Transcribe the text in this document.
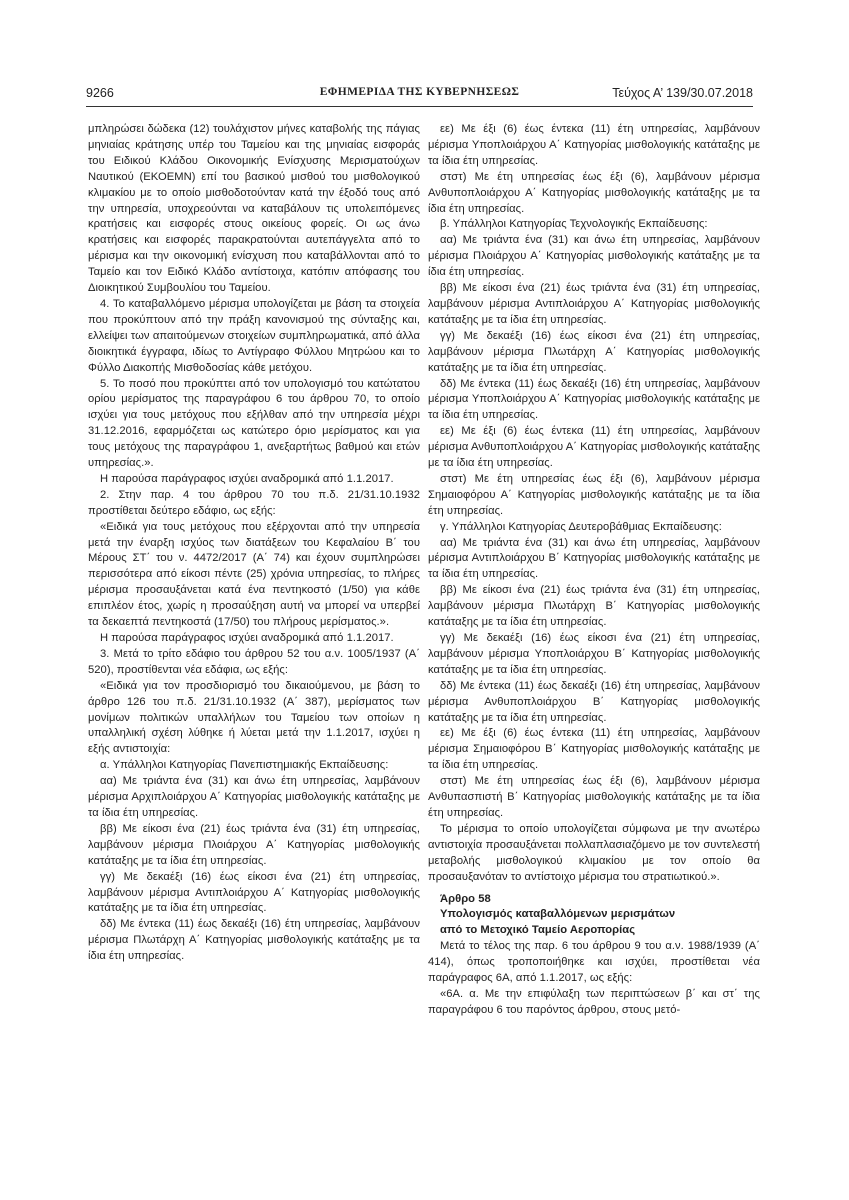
9266	ΕΦΗΜΕΡΙΔΑ ΤΗΣ ΚΥΒΕΡΝΗΣΕΩΣ	Τεύχος Α’ 139/30.07.2018

μπληρώσει δώδεκα (12) τουλάχιστον μήνες καταβολής της πάγιας μηνιαίας κράτησης υπέρ του Ταμείου και της μηνιαίας εισφοράς του Ειδικού Κλάδου Οικονομικής Ενίσχυσης Μερισματούχων Ναυτικού (ΕΚΟΕΜΝ) επί του βασικού μισθού του μισθολογικού κλιμακίου με το οποίο μισθοδοτούνταν κατά την έξοδό τους από την υπηρεσία, υποχρεούνται να καταβάλουν τις υπολειπόμενες κρατήσεις και εισφορές στους οικείους φορείς. Οι ως άνω κρατήσεις και εισφορές παρακρατούνται αυτεπάγγελτα από το μέρισμα και την οικονομική ενίσχυση που καταβάλλονται από το Ταμείο και τον Ειδικό Κλάδο αντίστοιχα, κατόπιν απόφασης του Διοικητικού Συμβουλίου του Ταμείου.

4. Το καταβαλλόμενο μέρισμα υπολογίζεται με βάση τα στοιχεία που προκύπτουν από την πράξη κανονισμού της σύνταξης και, ελλείψει των απαιτούμενων στοιχείων συμπληρωματικά, από άλλα διοικητικά έγγραφα, ιδίως το Αντίγραφο Φύλλου Μητρώου και το Φύλλο Διακοπής Μισθοδοσίας κάθε μετόχου.

5. Το ποσό που προκύπτει από τον υπολογισμό του κατώτατου ορίου μερίσματος της παραγράφου 6 του άρθρου 70, το οποίο ισχύει για τους μετόχους που εξήλθαν από την υπηρεσία μέχρι 31.12.2016, εφαρμόζεται ως κατώτερο όριο μερίσματος και για τους μετόχους της παραγράφου 1, ανεξαρτήτως βαθμού και ετών υπηρεσίας.».

Η παρούσα παράγραφος ισχύει αναδρομικά από 1.1.2017.

2. Στην παρ. 4 του άρθρου 70 του π.δ. 21/31.10.1932 προστίθεται δεύτερο εδάφιο, ως εξής:

«Ειδικά για τους μετόχους που εξέρχονται από την υπηρεσία μετά την έναρξη ισχύος των διατάξεων του Κεφαλαίου Β΄ του Μέρους ΣΤ΄ του ν. 4472/2017 (Α΄ 74) και έχουν συμπληρώσει περισσότερα από είκοσι πέντε (25) χρόνια υπηρεσίας, το πλήρες μέρισμα προσαυξάνεται κατά ένα πεντηκοστό (1/50) για κάθε επιπλέον έτος, χωρίς η προσαύξηση αυτή να μπορεί να υπερβεί τα δεκαεπτά πεντηκοστά (17/50) του πλήρους μερίσματος.».

Η παρούσα παράγραφος ισχύει αναδρομικά από 1.1.2017.

3. Μετά το τρίτο εδάφιο του άρθρου 52 του α.ν. 1005/1937 (Α΄ 520), προστίθενται νέα εδάφια, ως εξής:

«Ειδικά για τον προσδιορισμό του δικαιούμενου, με βάση το άρθρο 126 του π.δ. 21/31.10.1932 (Α΄ 387), μερίσματος των μονίμων πολιτικών υπαλλήλων του Ταμείου των οποίων η υπαλληλική σχέση λύθηκε ή λύεται μετά την 1.1.2017, ισχύει η εξής αντιστοιχία:

α. Υπάλληλοι Κατηγορίας Πανεπιστημιακής Εκπαίδευσης:

αα) Με τριάντα ένα (31) και άνω έτη υπηρεσίας, λαμβάνουν μέρισμα Αρχιπλοιάρχου Α΄ Κατηγορίας μισθολογικής κατάταξης με τα ίδια έτη υπηρεσίας.

ββ) Με είκοσι ένα (21) έως τριάντα ένα (31) έτη υπηρεσίας, λαμβάνουν μέρισμα Πλοιάρχου Α΄ Κατηγορίας μισθολογικής κατάταξης με τα ίδια έτη υπηρεσίας.

γγ) Με δεκαέξι (16) έως είκοσι ένα (21) έτη υπηρεσίας, λαμβάνουν μέρισμα Αντιπλοιάρχου Α΄ Κατηγορίας μισθολογικής κατάταξης με τα ίδια έτη υπηρεσίας.

δδ) Με έντεκα (11) έως δεκαέξι (16) έτη υπηρεσίας, λαμβάνουν μέρισμα Πλωτάρχη Α΄ Κατηγορίας μισθολογικής κατάταξης με τα ίδια έτη υπηρεσίας.

εε) Με έξι (6) έως έντεκα (11) έτη υπηρεσίας, λαμβάνουν μέρισμα Υποπλοιάρχου Α΄ Κατηγορίας μισθολογικής κατάταξης με τα ίδια έτη υπηρεσίας.

στστ) Με έτη υπηρεσίας έως έξι (6), λαμβάνουν μέρισμα Ανθυποπλοιάρχου Α΄ Κατηγορίας μισθολογικής κατάταξης με τα ίδια έτη υπηρεσίας.

β. Υπάλληλοι Κατηγορίας Τεχνολογικής Εκπαίδευσης:

αα) Με τριάντα ένα (31) και άνω έτη υπηρεσίας, λαμβάνουν μέρισμα Πλοιάρχου Α΄ Κατηγορίας μισθολογικής κατάταξης με τα ίδια έτη υπηρεσίας.

ββ) Με είκοσι ένα (21) έως τριάντα ένα (31) έτη υπηρεσίας, λαμβάνουν μέρισμα Αντιπλοιάρχου Α΄ Κατηγορίας μισθολογικής κατάταξης με τα ίδια έτη υπηρεσίας.

γγ) Με δεκαέξι (16) έως είκοσι ένα (21) έτη υπηρεσίας, λαμβάνουν μέρισμα Πλωτάρχη Α΄ Κατηγορίας μισθολογικής κατάταξης με τα ίδια έτη υπηρεσίας.

δδ) Με έντεκα (11) έως δεκαέξι (16) έτη υπηρεσίας, λαμβάνουν μέρισμα Υποπλοιάρχου Α΄ Κατηγορίας μισθολογικής κατάταξης με τα ίδια έτη υπηρεσίας.

εε) Με έξι (6) έως έντεκα (11) έτη υπηρεσίας, λαμβάνουν μέρισμα Ανθυποπλοιάρχου Α΄ Κατηγορίας μισθολογικής κατάταξης με τα ίδια έτη υπηρεσίας.

στστ) Με έτη υπηρεσίας έως έξι (6), λαμβάνουν μέρισμα Σημαιοφόρου Α΄ Κατηγορίας μισθολογικής κατάταξης με τα ίδια έτη υπηρεσίας.

γ. Υπάλληλοι Κατηγορίας Δευτεροβάθμιας Εκπαίδευσης:

αα) Με τριάντα ένα (31) και άνω έτη υπηρεσίας, λαμβάνουν μέρισμα Αντιπλοιάρχου Β΄ Κατηγορίας μισθολογικής κατάταξης με τα ίδια έτη υπηρεσίας.

ββ) Με είκοσι ένα (21) έως τριάντα ένα (31) έτη υπηρεσίας, λαμβάνουν μέρισμα Πλωτάρχη Β΄ Κατηγορίας μισθολογικής κατάταξης με τα ίδια έτη υπηρεσίας.

γγ) Με δεκαέξι (16) έως είκοσι ένα (21) έτη υπηρεσίας, λαμβάνουν μέρισμα Υποπλοιάρχου Β΄ Κατηγορίας μισθολογικής κατάταξης με τα ίδια έτη υπηρεσίας.

δδ) Με έντεκα (11) έως δεκαέξι (16) έτη υπηρεσίας, λαμβάνουν μέρισμα Ανθυποπλοιάρχου Β΄ Κατηγορίας μισθολογικής κατάταξης με τα ίδια έτη υπηρεσίας.

εε) Με έξι (6) έως έντεκα (11) έτη υπηρεσίας, λαμβάνουν μέρισμα Σημαιοφόρου Β΄ Κατηγορίας μισθολογικής κατάταξης με τα ίδια έτη υπηρεσίας.

στστ) Με έτη υπηρεσίας έως έξι (6), λαμβάνουν μέρισμα Ανθυπασπιστή Β΄ Κατηγορίας μισθολογικής κατάταξης με τα ίδια έτη υπηρεσίας.

Το μέρισμα το οποίο υπολογίζεται σύμφωνα με την ανωτέρω αντιστοιχία προσαυξάνεται πολλαπλασιαζόμενο με τον συντελεστή μεταβολής μισθολογικού κλιμακίου με τον οποίο θα προσαυξανόταν το αντίστοιχο μέρισμα του στρατιωτικού.».

Άρθρο 58

Υπολογισμός καταβαλλόμενων μερισμάτων

από το Μετοχικό Ταμείο Αεροπορίας

Μετά το τέλος της παρ. 6 του άρθρου 9 του α.ν. 1988/1939 (Α΄ 414), όπως τροποποιήθηκε και ισχύει, προστίθεται νέα παράγραφος 6Α, από 1.1.2017, ως εξής:

«6Α. α. Με την επιφύλαξη των περιπτώσεων β΄ και στ΄ της παραγράφου 6 του παρόντος άρθρου, στους μετό-
